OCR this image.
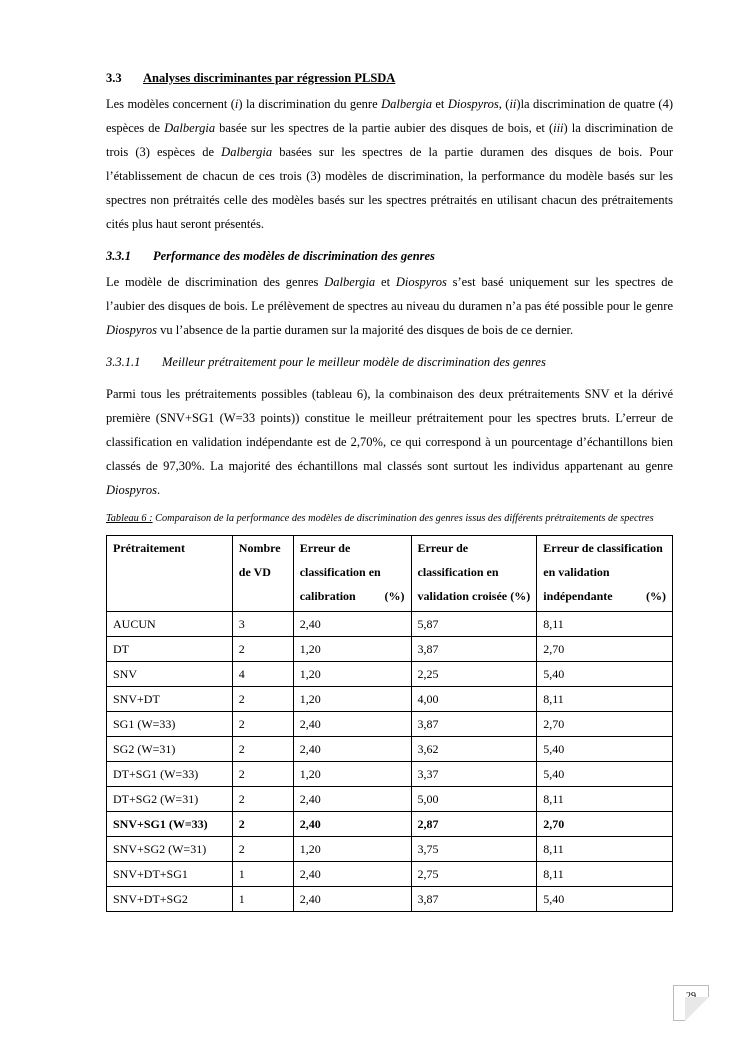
3.3 Analyses discriminantes par régression PLSDA

Les modèles concernent (i) la discrimination du genre Dalbergia et Diospyros, (ii)la discrimination de quatre (4) espèces de Dalbergia basée sur les spectres de la partie aubier des disques de bois, et (iii) la discrimination de trois (3) espèces de Dalbergia basées sur les spectres de la partie duramen des disques de bois. Pour l’établissement de chacun de ces trois (3) modèles de discrimination, la performance du modèle basés sur les spectres non prétraités celle des modèles basés sur les spectres prétraités en utilisant chacun des prétraitements cités plus haut seront présentés.

3.3.1 Performance des modèles de discrimination des genres

Le modèle de discrimination des genres Dalbergia et Diospyros s’est basé uniquement sur les spectres de l’aubier des disques de bois. Le prélèvement de spectres au niveau du duramen n’a pas été possible pour le genre Diospyros vu l’absence de la partie duramen sur la majorité des disques de bois de ce dernier.

3.3.1.1 Meilleur prétraitement pour le meilleur modèle de discrimination des genres

Parmi tous les prétraitements possibles (tableau 6), la combinaison des deux prétraitements SNV et la dérivé première (SNV+SG1 (W=33 points)) constitue le meilleur prétraitement pour les spectres bruts. L’erreur de classification en validation indépendante est de 2,70%, ce qui correspond à un pourcentage d’échantillons bien classés de 97,30%. La majorité des échantillons mal classés sont surtout les individus appartenant au genre Diospyros.

Tableau 6 : Comparaison de la performance des modèles de discrimination des genres issus des différents prétraitements de spectres
Prétraitement	Nombre de VD	Erreur de classification en calibration (%)	Erreur de classification en validation croisée (%)	Erreur de classification en validation indépendante (%)
AUCUN	3	2,40	5,87	8,11
DT	2	1,20	3,87	2,70
SNV	4	1,20	2,25	5,40
SNV+DT	2	1,20	4,00	8,11
SG1 (W=33)	2	2,40	3,87	2,70
SG2 (W=31)	2	2,40	3,62	5,40
DT+SG1 (W=33)	2	1,20	3,37	5,40
DT+SG2 (W=31)	2	2,40	5,00	8,11
SNV+SG1 (W=33)	2	2,40	2,87	2,70
SNV+SG2 (W=31)	2	1,20	3,75	8,11
SNV+DT+SG1	1	2,40	2,75	8,11
SNV+DT+SG2	1	2,40	3,87	5,40
29
